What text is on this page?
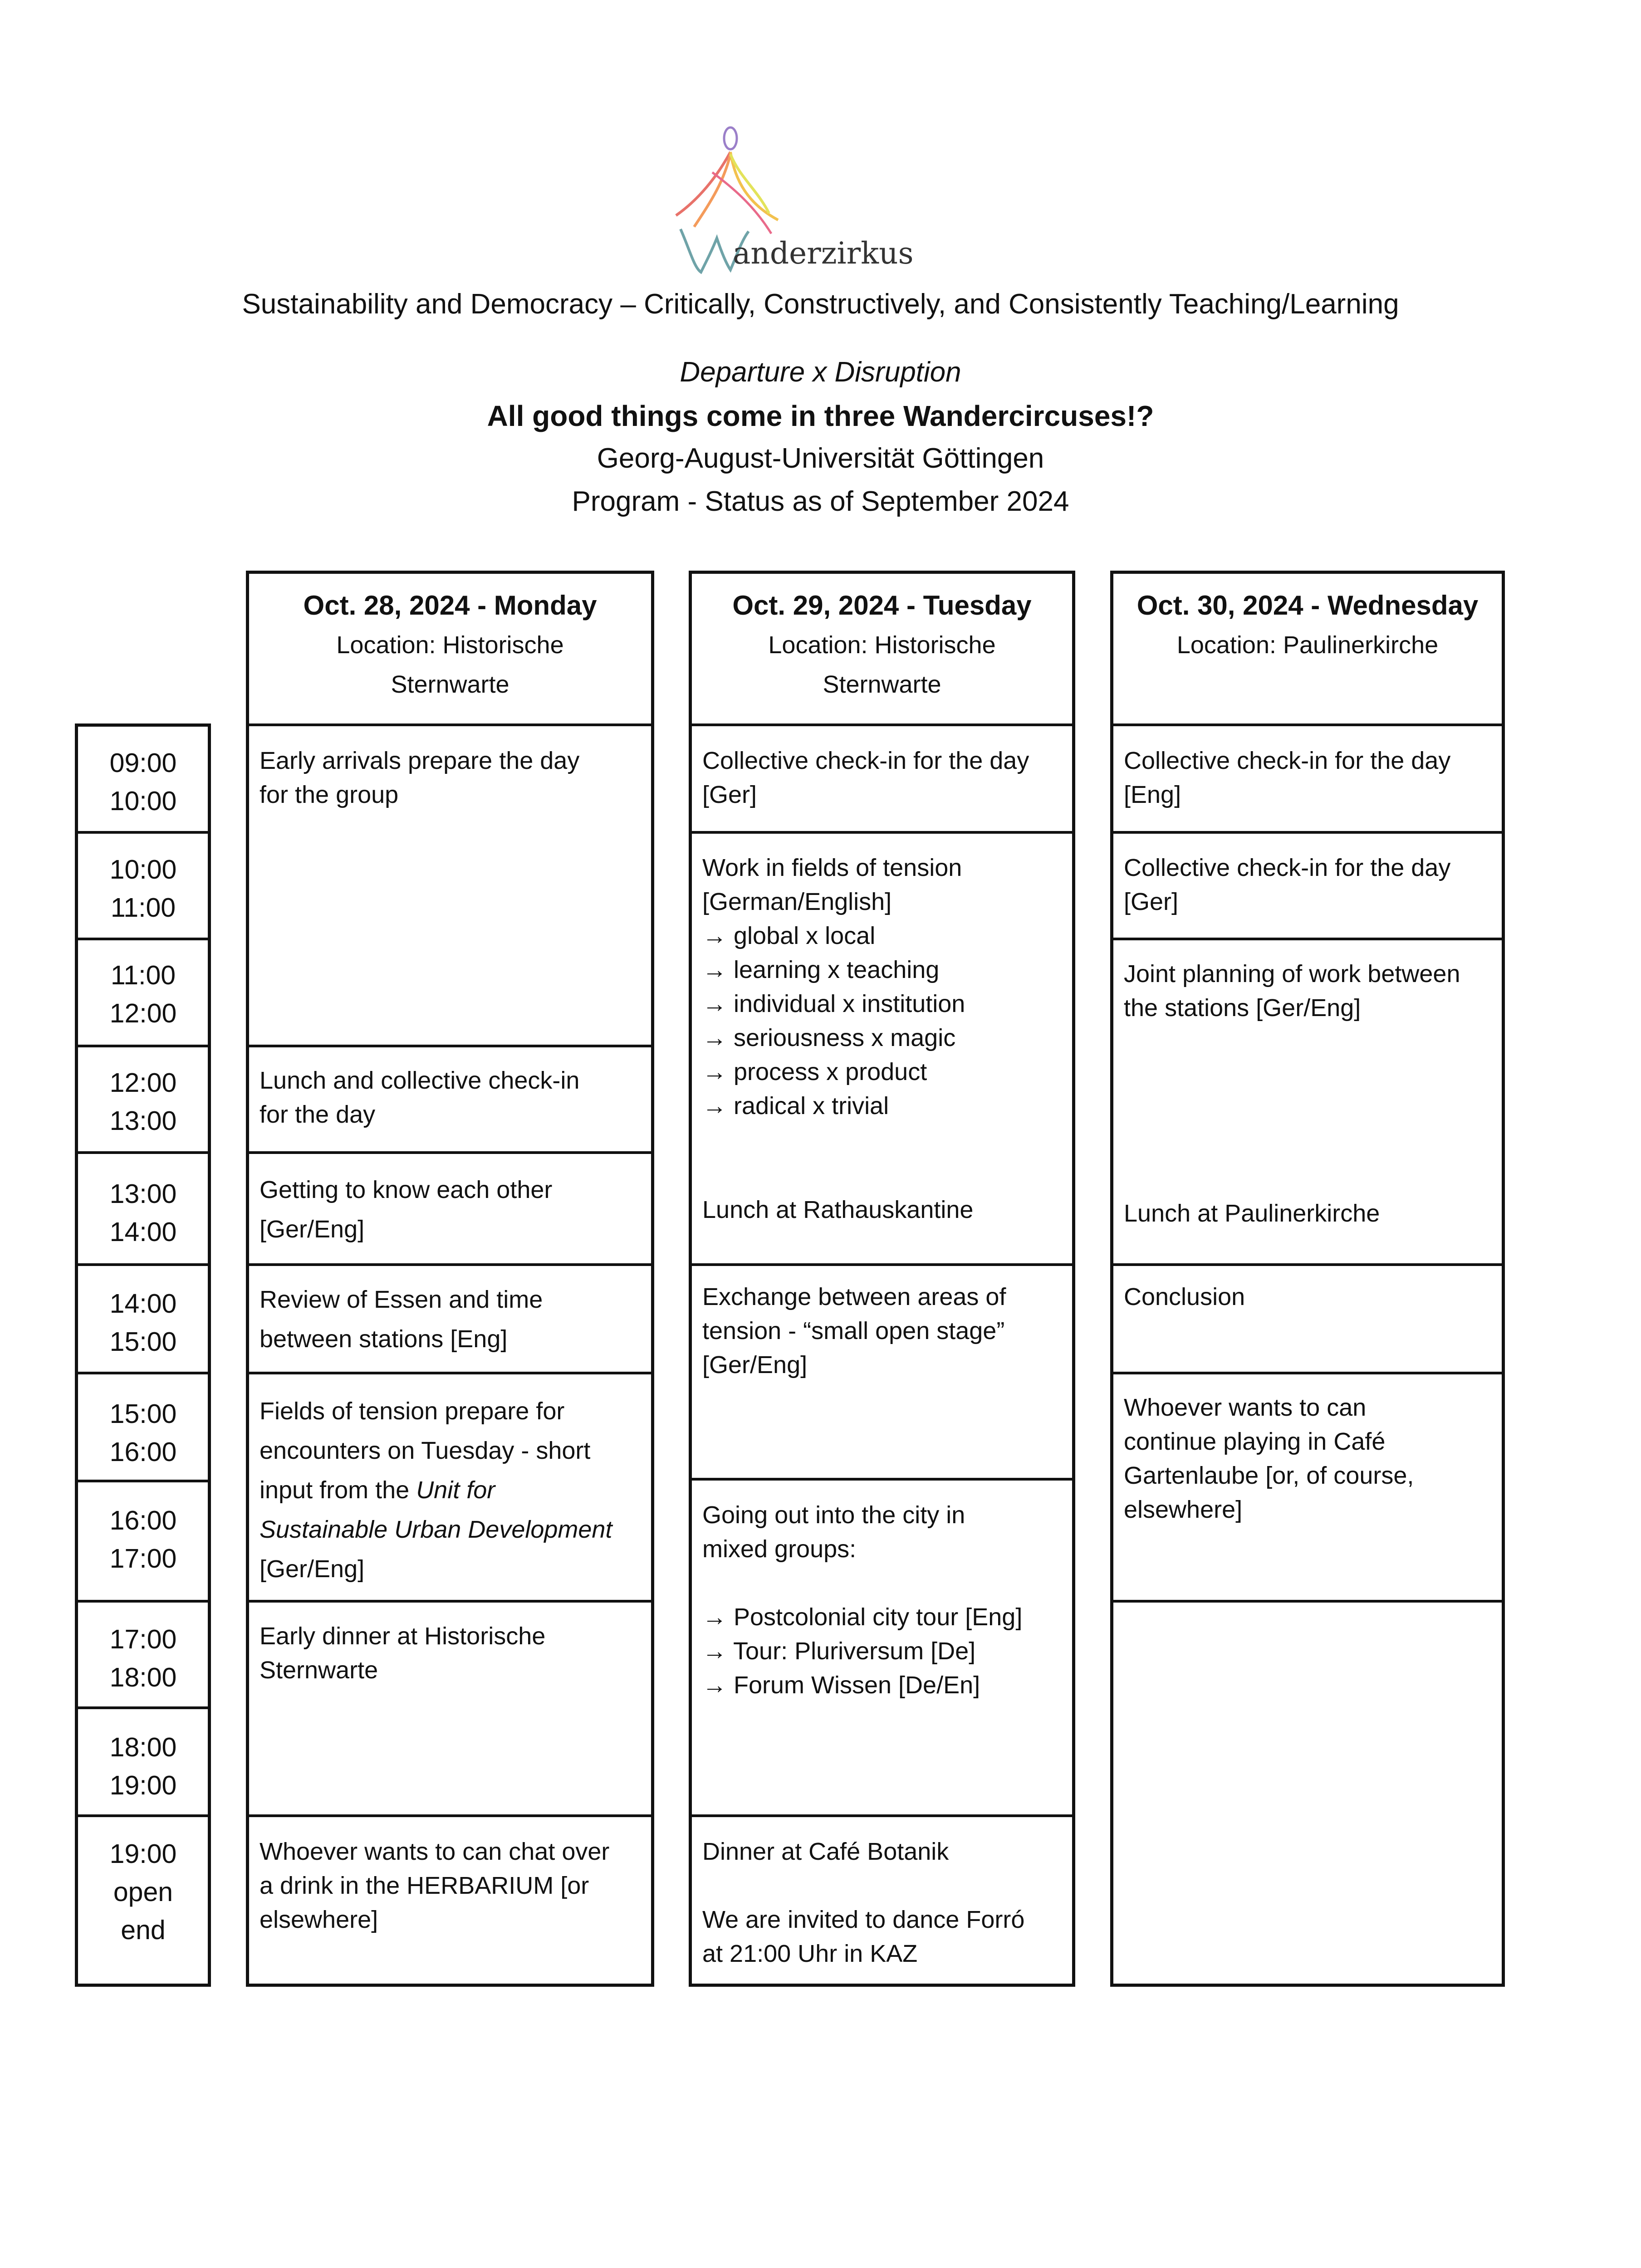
anderzirkus
Sustainability and Democracy – Critically, Constructively, and Consistently Teaching/Learning
Departure x Disruption
All good things come in three Wandercircuses!?
Georg-August-Universität Göttingen
Program - Status as of September 2024
09:00
10:00
10:00
11:00
11:00
12:00
12:00
13:00
13:00
14:00
14:00
15:00
15:00
16:00
16:00
17:00
17:00
18:00
18:00
19:00
19:00
open
end
Oct. 28, 2024 - Monday
Location: Historische
Sternwarte
Early arrivals prepare the day
for the group
Lunch and collective check-in
for the day
Getting to know each other
[Ger/Eng]
Review of Essen and time
between stations [Eng]
Fields of tension prepare for
encounters on Tuesday - short
input from the Unit for
Sustainable Urban Development
[Ger/Eng]
Early dinner at Historische
Sternwarte
Whoever wants to can chat over
a drink in the HERBARIUM [or
elsewhere]
Oct. 29, 2024 - Tuesday
Location: Historische
Sternwarte
Collective check-in for the day
[Ger]
Work in fields of tension
[German/English]
→ global x local
→ learning x teaching
→ individual x institution
→ seriousness x magic
→ process x product
→ radical x trivial
Lunch at Rathauskantine
Exchange between areas of
tension - “small open stage”
[Ger/Eng]
Going out into the city in
mixed groups:

→ Postcolonial city tour [Eng]
→ Tour: Pluriversum [De]
→ Forum Wissen [De/En]
Dinner at Café Botanik

We are invited to dance Forró
at 21:00 Uhr in KAZ
Oct. 30, 2024 - Wednesday
Location: Paulinerkirche
Collective check-in for the day
[Eng]
Collective check-in for the day
[Ger]
Joint planning of work between
the stations [Ger/Eng]
Lunch at Paulinerkirche
Conclusion
Whoever wants to can
continue playing in Café
Gartenlaube [or, of course,
elsewhere]
